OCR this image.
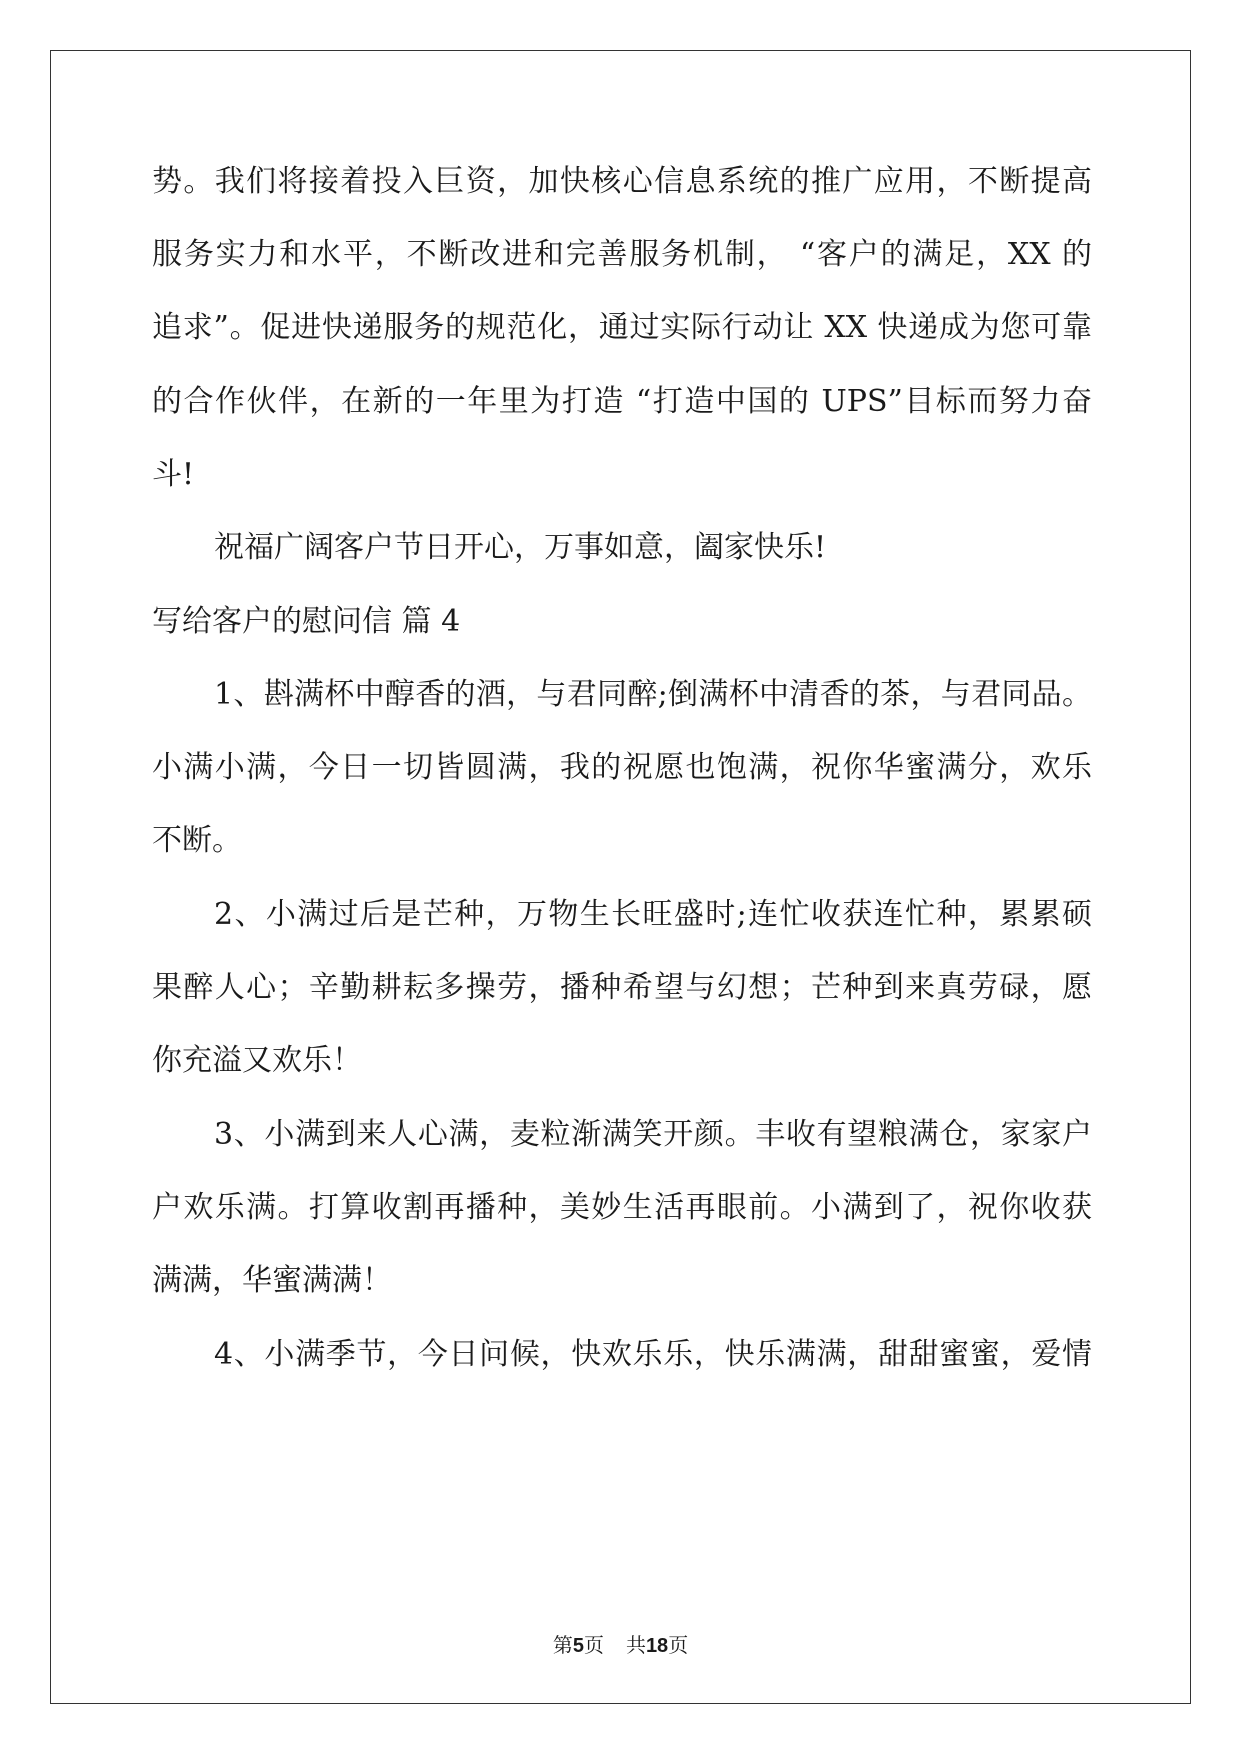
势。我们将接着投入巨资，加快核心信息系统的推广应用，不断提高
服务实力和水平，不断改进和完善服务机制， “客户的满足，XX 的
追求”。促进快递服务的规范化，通过实际行动让 XX 快递成为您可靠
的合作伙伴，在新的一年里为打造 “打造中国的 UPS”目标而努力奋
斗!
祝福广阔客户节日开心，万事如意，阖家快乐!
写给客户的慰问信 篇 4
1、斟满杯中醇香的酒，与君同醉;倒满杯中清香的茶，与君同品。
小满小满，今日一切皆圆满，我的祝愿也饱满，祝你华蜜满分，欢乐
不断。
2、小满过后是芒种，万物生长旺盛时;连忙收获连忙种，累累硕
果醉人心；辛勤耕耘多操劳，播种希望与幻想；芒种到来真劳碌，愿
你充溢又欢乐！
3、小满到来人心满，麦粒渐满笑开颜。丰收有望粮满仓，家家户
户欢乐满。打算收割再播种，美妙生活再眼前。小满到了，祝你收获
满满，华蜜满满！
4、小满季节，今日问候，快欢乐乐，快乐满满，甜甜蜜蜜，爱情
第5页 共18页
